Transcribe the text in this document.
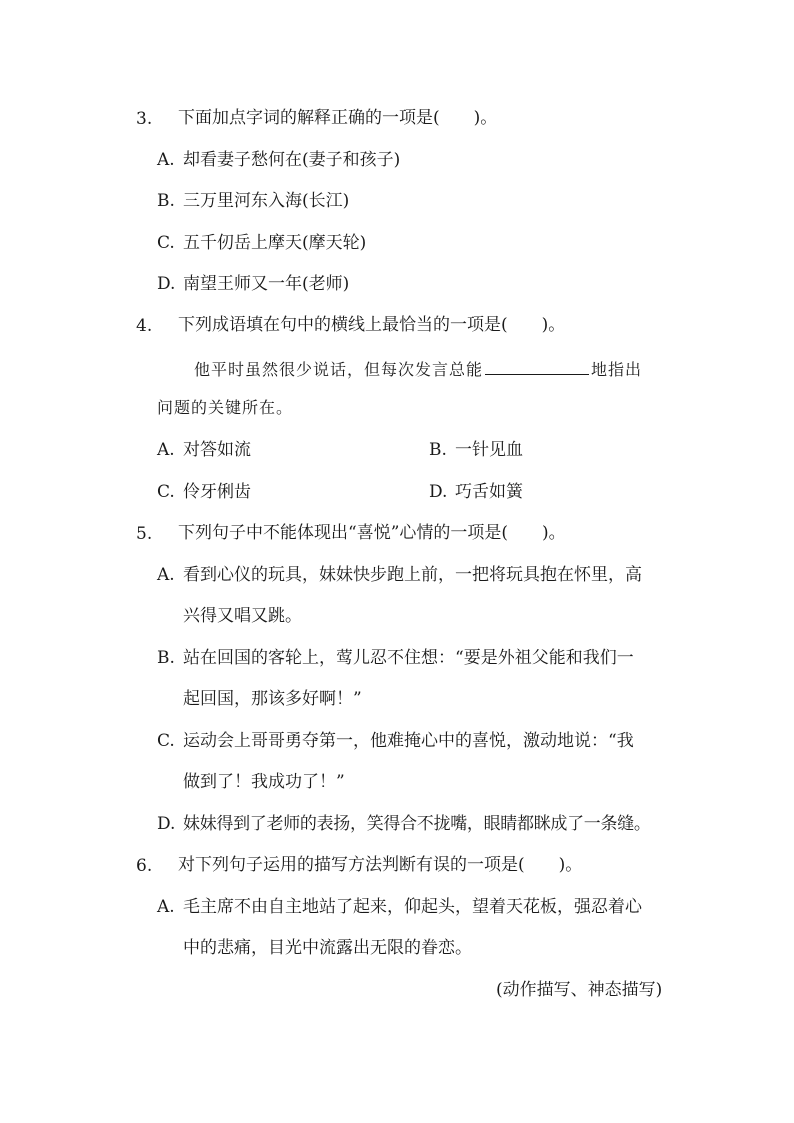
3. 下面加点字词的解释正确的一项是(　　)。
A. 却看妻子愁何在(妻子和孩子)
B. 三万里河东入海(长江)
C. 五千仞岳上摩天(摩天轮)
D. 南望王师又一年(老师)
4. 下列成语填在句中的横线上最恰当的一项是(　　)。
他平时虽然很少说话，但每次发言总能	地指出
问题的关键所在。
A. 对答如流	B. 一针见血
C. 伶牙俐齿	D. 巧舌如簧
5. 下列句子中不能体现出“喜悦”心情的一项是(　　)。
A. 看到心仪的玩具，妹妹快步跑上前，一把将玩具抱在怀里，高
兴得又唱又跳。
B. 站在回国的客轮上，莺儿忍不住想：“要是外祖父能和我们一
起回国，那该多好啊！”
C. 运动会上哥哥勇夺第一，他难掩心中的喜悦，激动地说：“我
做到了！我成功了！”
D. 妹妹得到了老师的表扬，笑得合不拢嘴，眼睛都眯成了一条缝。
6. 对下列句子运用的描写方法判断有误的一项是(　　)。
A. 毛主席不由自主地站了起来，仰起头，望着天花板，强忍着心
中的悲痛，目光中流露出无限的眷恋。
(动作描写、神态描写)
